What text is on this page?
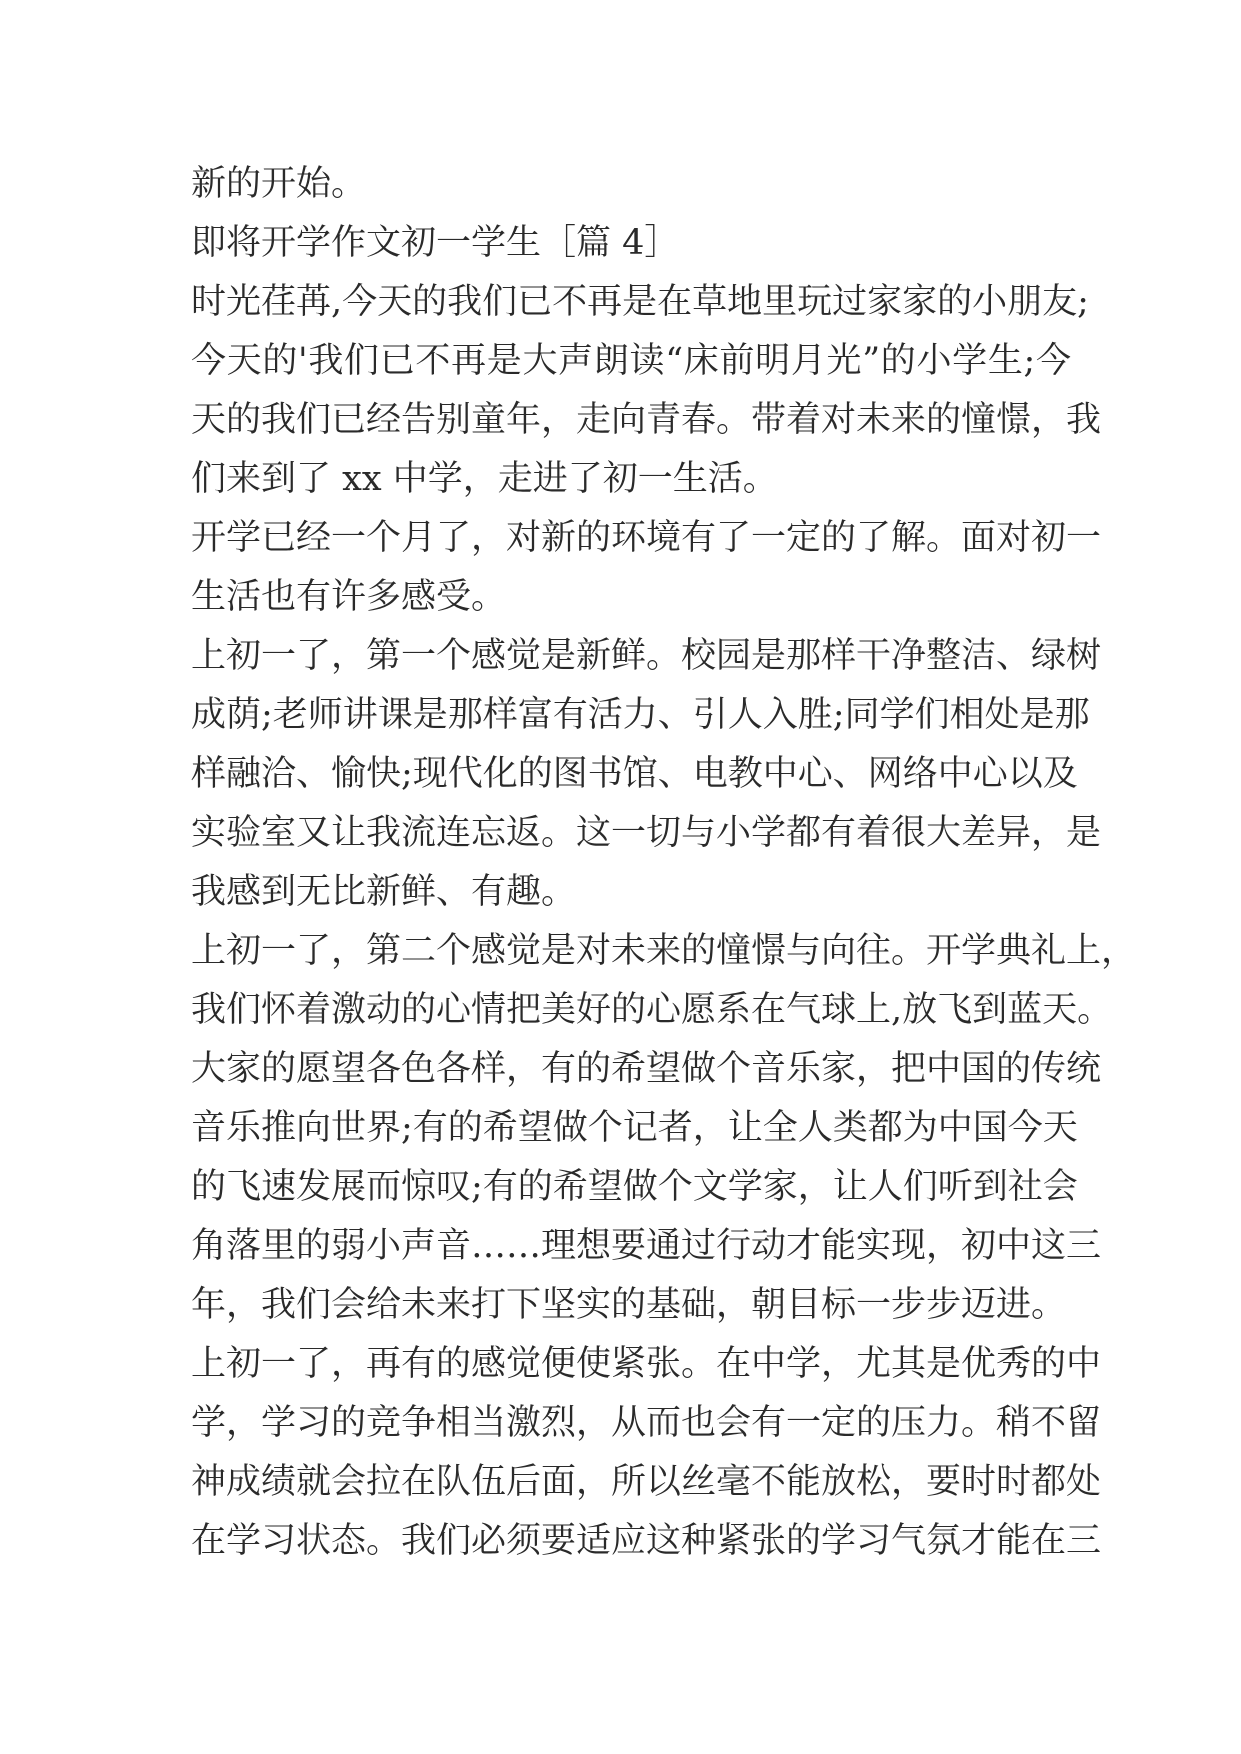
新的开始。
即将开学作文初一学生［篇 4］
时光荏苒,今天的我们已不再是在草地里玩过家家的小朋友;
今天的'我们已不再是大声朗读“床前明月光”的小学生;今
天的我们已经告别童年，走向青春。带着对未来的憧憬，我
们来到了 xx 中学，走进了初一生活。
开学已经一个月了，对新的环境有了一定的了解。面对初一
生活也有许多感受。
上初一了，第一个感觉是新鲜。校园是那样干净整洁、绿树
成荫;老师讲课是那样富有活力、引人入胜;同学们相处是那
样融洽、愉快;现代化的图书馆、电教中心、网络中心以及
实验室又让我流连忘返。这一切与小学都有着很大差异，是
我感到无比新鲜、有趣。
上初一了，第二个感觉是对未来的憧憬与向往。开学典礼上，
我们怀着激动的心情把美好的心愿系在气球上,放飞到蓝天。
大家的愿望各色各样，有的希望做个音乐家，把中国的传统
音乐推向世界;有的希望做个记者，让全人类都为中国今天
的飞速发展而惊叹;有的希望做个文学家，让人们听到社会
角落里的弱小声音……理想要通过行动才能实现，初中这三
年，我们会给未来打下坚实的基础，朝目标一步步迈进。
上初一了，再有的感觉便使紧张。在中学，尤其是优秀的中
学，学习的竞争相当激烈，从而也会有一定的压力。稍不留
神成绩就会拉在队伍后面，所以丝毫不能放松，要时时都处
在学习状态。我们必须要适应这种紧张的学习气氛才能在三
